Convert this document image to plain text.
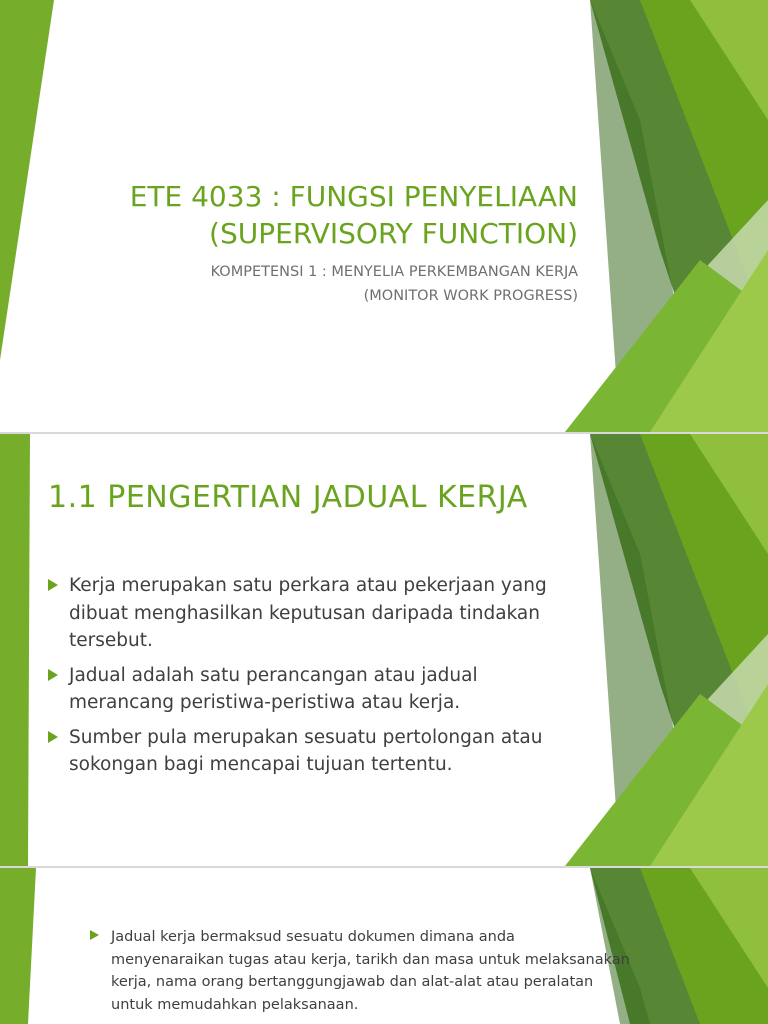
ETE 4033 : FUNGSI PENYELIAAN
(SUPERVISORY FUNCTION)
KOMPETENSI 1 : MENYELIA PERKEMBANGAN KERJA
(MONITOR WORK PROGRESS)
1.1 PENGERTIAN JADUAL KERJA
Kerja merupakan satu perkara atau pekerjaan yang dibuat menghasilkan keputusan daripada tindakan tersebut.
Jadual adalah satu perancangan atau jadual merancang peristiwa-peristiwa atau kerja.
Sumber pula merupakan sesuatu pertolongan atau sokongan bagi mencapai tujuan tertentu.
Jadual kerja bermaksud sesuatu dokumen dimana anda menyenaraikan tugas atau kerja, tarikh dan masa untuk melaksanakan kerja, nama orang bertanggungjawab dan alat-alat atau peralatan untuk memudahkan pelaksanaan.
